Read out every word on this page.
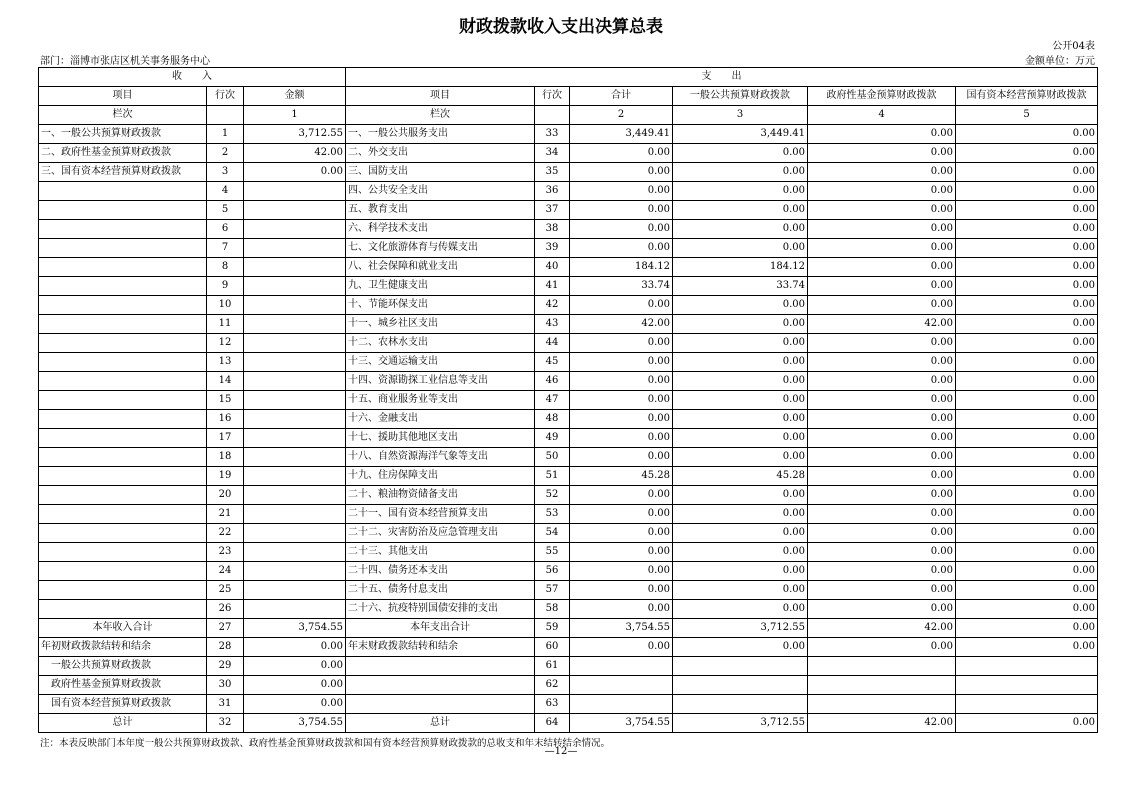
财政拨款收入支出决算总表
公开04表
部门：淄博市张店区机关事务服务中心	金额单位：万元
收　　入			支　　出					
项目	行次	金额	项目	行次	合计	一般公共预算财政拨款	政府性基金预算财政拨款	国有资本经营预算财政拨款
栏次		1	栏次		2	3	4	5
一、一般公共预算财政拨款	1	3,712.55	一、一般公共服务支出	33	3,449.41	3,449.41	0.00	0.00
二、政府性基金预算财政拨款	2	42.00	二、外交支出	34	0.00	0.00	0.00	0.00
三、国有资本经营预算财政拨款	3	0.00	三、国防支出	35	0.00	0.00	0.00	0.00
	4		四、公共安全支出	36	0.00	0.00	0.00	0.00
	5		五、教育支出	37	0.00	0.00	0.00	0.00
	6		六、科学技术支出	38	0.00	0.00	0.00	0.00
	7		七、文化旅游体育与传媒支出	39	0.00	0.00	0.00	0.00
	8		八、社会保障和就业支出	40	184.12	184.12	0.00	0.00
	9		九、卫生健康支出	41	33.74	33.74	0.00	0.00
	10		十、节能环保支出	42	0.00	0.00	0.00	0.00
	11		十一、城乡社区支出	43	42.00	0.00	42.00	0.00
	12		十二、农林水支出	44	0.00	0.00	0.00	0.00
	13		十三、交通运输支出	45	0.00	0.00	0.00	0.00
	14		十四、资源勘探工业信息等支出	46	0.00	0.00	0.00	0.00
	15		十五、商业服务业等支出	47	0.00	0.00	0.00	0.00
	16		十六、金融支出	48	0.00	0.00	0.00	0.00
	17		十七、援助其他地区支出	49	0.00	0.00	0.00	0.00
	18		十八、自然资源海洋气象等支出	50	0.00	0.00	0.00	0.00
	19		十九、住房保障支出	51	45.28	45.28	0.00	0.00
	20		二十、粮油物资储备支出	52	0.00	0.00	0.00	0.00
	21		二十一、国有资本经营预算支出	53	0.00	0.00	0.00	0.00
	22		二十二、灾害防治及应急管理支出	54	0.00	0.00	0.00	0.00
	23		二十三、其他支出	55	0.00	0.00	0.00	0.00
	24		二十四、债务还本支出	56	0.00	0.00	0.00	0.00
	25		二十五、债务付息支出	57	0.00	0.00	0.00	0.00
	26		二十六、抗疫特别国债安排的支出	58	0.00	0.00	0.00	0.00
本年收入合计	27	3,754.55	本年支出合计	59	3,754.55	3,712.55	42.00	0.00
年初财政拨款结转和结余	28	0.00	年末财政拨款结转和结余	60	0.00	0.00	0.00	0.00
一般公共预算财政拨款	29	0.00		61				
政府性基金预算财政拨款	30	0.00		62				
国有资本经营预算财政拨款	31	0.00		63				
总计	32	3,754.55	总计	64	3,754.55	3,712.55	42.00	0.00
注：本表反映部门本年度一般公共预算财政拨款、政府性基金预算财政拨款和国有资本经营预算财政拨款的总收支和年末结转结余情况。
—12—
